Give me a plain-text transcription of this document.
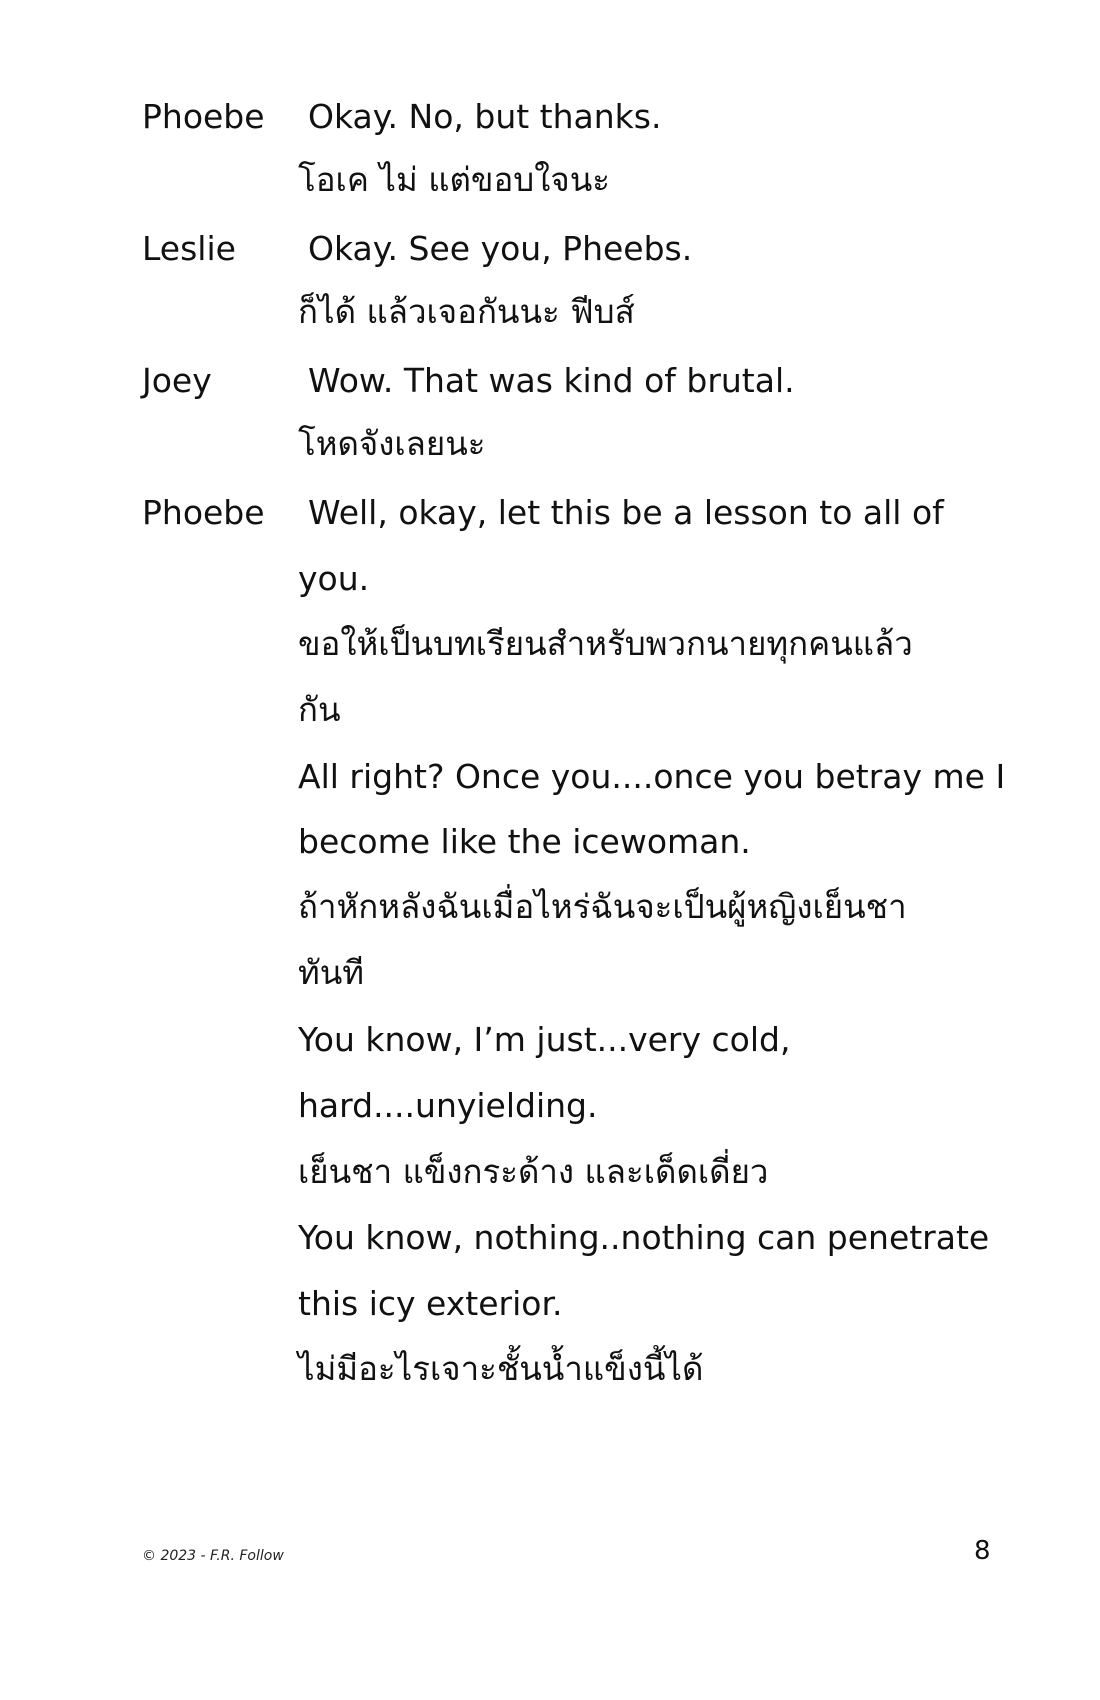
Phoebe Okay. No, but thanks.
โอเค ไม่ แต่ขอบใจนะ
Leslie Okay. See you, Pheebs.
ก็ได้ แล้วเจอกันนะ ฟีบส์
Joey	Wow. That was kind of brutal.
โหดจังเลยนะ
Phoebe Well, okay, let this be a lesson to all of
you.
ขอให้เป็นบทเรียนสำหรับพวกนายทุกคนแล้ว
กัน
All right? Once you....once you betray me I
become like the icewoman.
ถ้าหักหลังฉันเมื่อไหร่ฉันจะเป็นผู้หญิงเย็นชา
ทันที
You know, I’m just...very cold,
hard....unyielding.
เย็นชา แข็งกระด้าง และเด็ดเดี่ยว
You know, nothing..nothing can penetrate
this icy exterior.
ไม่มีอะไรเจาะชั้นน้ำแข็งนี้ได้
© 2023 - F.R. Follow	8
